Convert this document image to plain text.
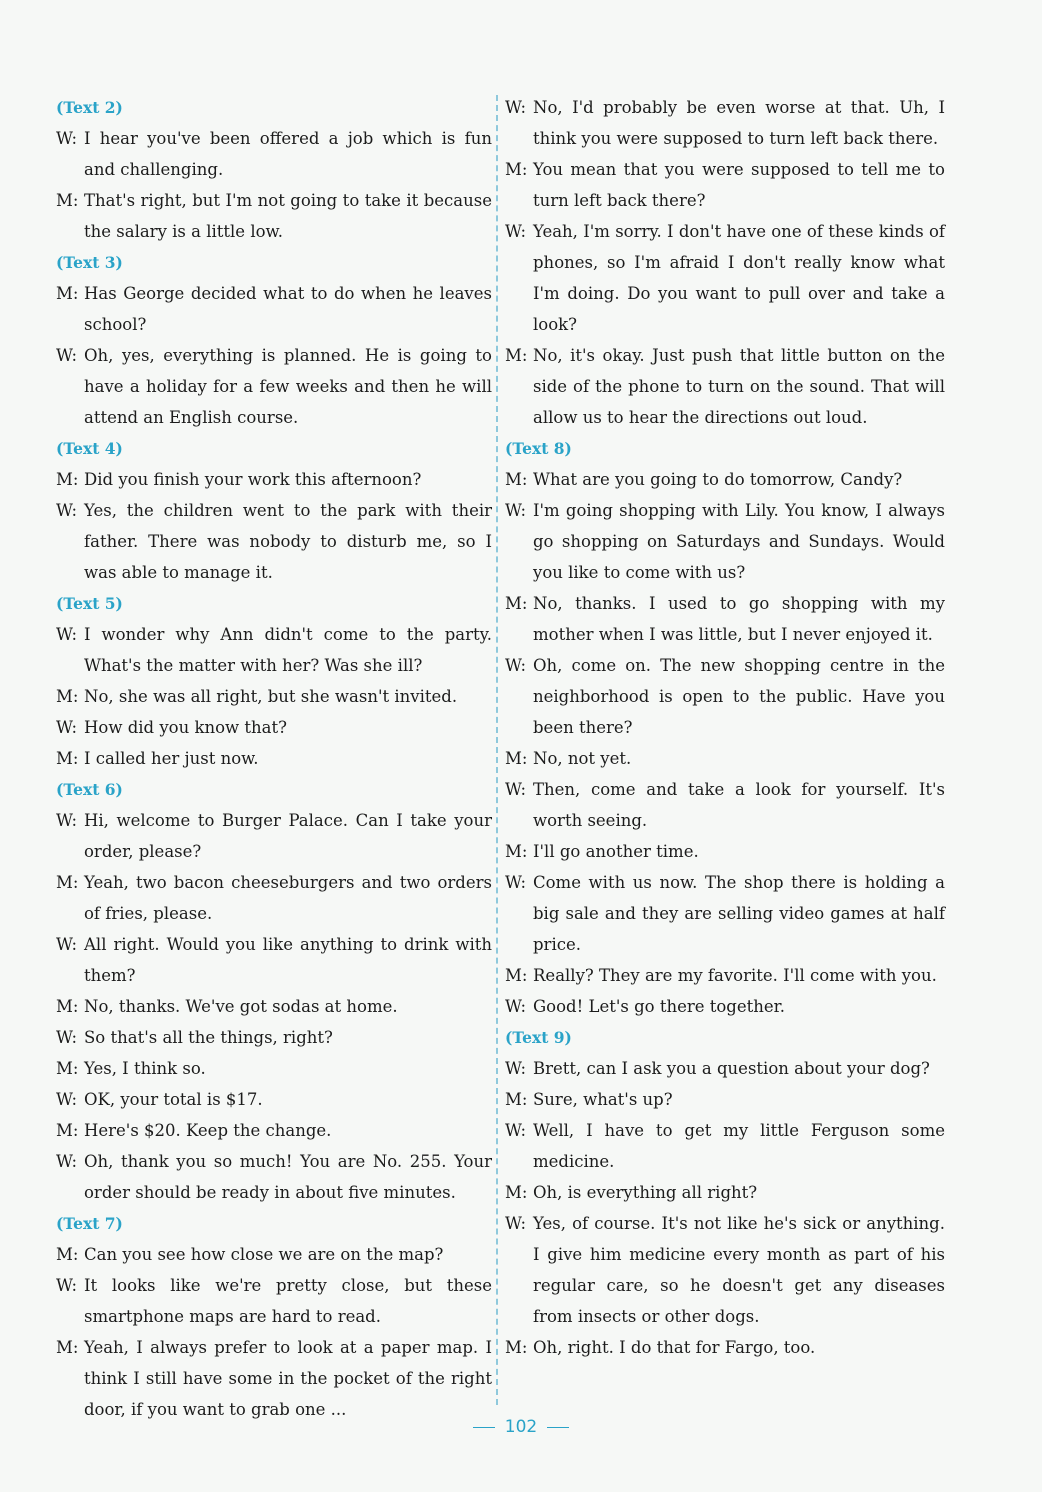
(Text 2)
W: I hear you've been offered a job which is fun and challenging.
M: That's right, but I'm not going to take it because the salary is a little low.
(Text 3)
M: Has George decided what to do when he leaves school?
W: Oh, yes, everything is planned. He is going to have a holiday for a few weeks and then he will attend an English course.
(Text 4)
M: Did you finish your work this afternoon?
W: Yes, the children went to the park with their father. There was nobody to disturb me, so I was able to manage it.
(Text 5)
W: I wonder why Ann didn't come to the party. What's the matter with her? Was she ill?
M: No, she was all right, but she wasn't invited.
W: How did you know that?
M: I called her just now.
(Text 6)
W: Hi, welcome to Burger Palace. Can I take your order, please?
M: Yeah, two bacon cheeseburgers and two orders of fries, please.
W: All right. Would you like anything to drink with them?
M: No, thanks. We've got sodas at home.
W: So that's all the things, right?
M: Yes, I think so.
W: OK, your total is $17.
M: Here's $20. Keep the change.
W: Oh, thank you so much! You are No. 255. Your order should be ready in about five minutes.
(Text 7)
M: Can you see how close we are on the map?
W: It looks like we're pretty close, but these smartphone maps are hard to read.
M: Yeah, I always prefer to look at a paper map. I think I still have some in the pocket of the right door, if you want to grab one ...
W: No, I'd probably be even worse at that. Uh, I think you were supposed to turn left back there.
M: You mean that you were supposed to tell me to turn left back there?
W: Yeah, I'm sorry. I don't have one of these kinds of phones, so I'm afraid I don't really know what I'm doing. Do you want to pull over and take a look?
M: No, it's okay. Just push that little button on the side of the phone to turn on the sound. That will allow us to hear the directions out loud.
(Text 8)
M: What are you going to do tomorrow, Candy?
W: I'm going shopping with Lily. You know, I always go shopping on Saturdays and Sundays. Would you like to come with us?
M: No, thanks. I used to go shopping with my mother when I was little, but I never enjoyed it.
W: Oh, come on. The new shopping centre in the neighborhood is open to the public. Have you been there?
M: No, not yet.
W: Then, come and take a look for yourself. It's worth seeing.
M: I'll go another time.
W: Come with us now. The shop there is holding a big sale and they are selling video games at half price.
M: Really? They are my favorite. I'll come with you.
W: Good! Let's go there together.
(Text 9)
W: Brett, can I ask you a question about your dog?
M: Sure, what's up?
W: Well, I have to get my little Ferguson some medicine.
M: Oh, is everything all right?
W: Yes, of course. It's not like he's sick or anything. I give him medicine every month as part of his regular care, so he doesn't get any diseases from insects or other dogs.
M: Oh, right. I do that for Fargo, too.
102
